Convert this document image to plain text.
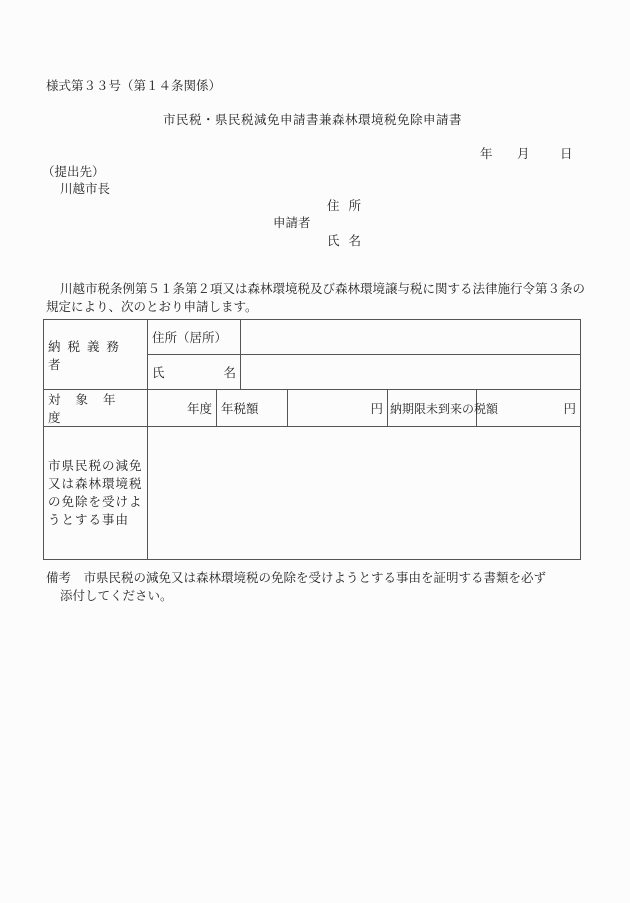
様式第３３号（第１４条関係）
市民税・県民税減免申請書兼森林環境税免除申請書
年 月 日
（提出先）
川越市長
住所
申請者
氏名
川越市税条例第５１条第２項又は森林環境税及び森林環境譲与税に関する法律施行令第３条の規定により、次のとおり申請します。
納税義務者	住所（居所）					

	氏 名					

対象年度	年度	年税額		円	納期限未到来の税額	円
市県民税の減免又は森林環境税の免除を受けようとする事由						
備考　市県民税の減免又は森林環境税の免除を受けようとする事由を証明する書類を必ず
添付してください。
